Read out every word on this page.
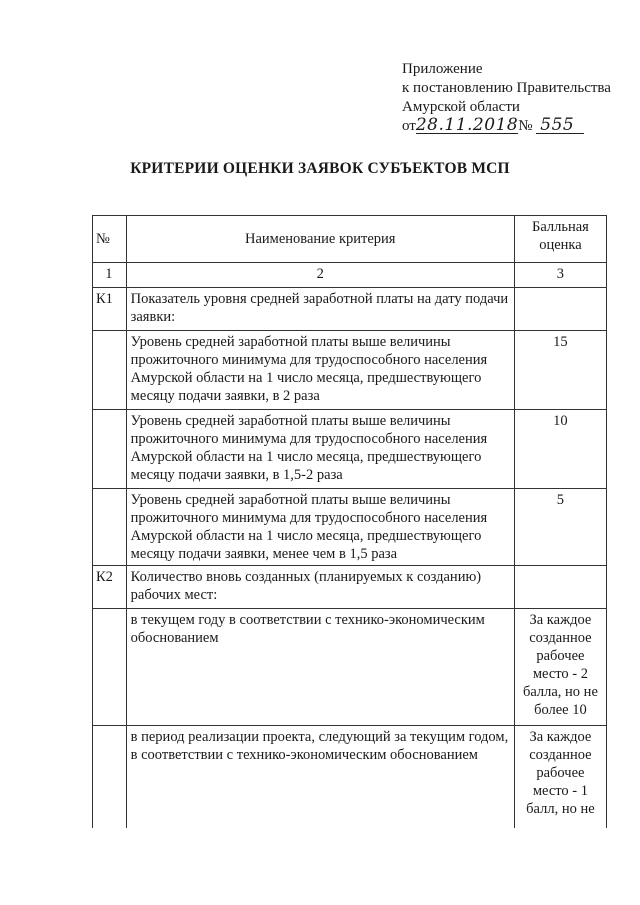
Приложение
к постановлению Правительства
Амурской области
от28.11.2018№ 555
КРИТЕРИИ ОЦЕНКИ ЗАЯВОК СУБЪЕКТОВ МСП
№	Наименование критерия	Балльная оценка
1	2	3
К1	Показатель уровня средней заработной платы на дату подачи заявки:	
	Уровень средней заработной платы выше величины прожиточного минимума для трудоспособного населения Амурской области на 1 число месяца, предшествующего месяцу подачи заявки, в 2 раза	15
	Уровень средней заработной платы выше величины прожиточного минимума для трудоспособного населения Амурской области на 1 число месяца, предшествующего месяцу подачи заявки, в 1,5-2 раза	10
	Уровень средней заработной платы выше величины прожиточного минимума для трудоспособного населения Амурской области на 1 число месяца, предшествующего месяцу подачи заявки, менее чем в 1,5 раза	5
К2	Количество вновь созданных (планируемых к созданию) рабочих мест:	
	в текущем году в соответствии с технико-экономическим обоснованием	За каждое созданное рабочее место - 2 балла, но не более 10
	в период реализации проекта, следующий за текущим годом, в соответствии с технико-экономическим обоснованием	За каждое созданное рабочее место - 1 балл, но не
